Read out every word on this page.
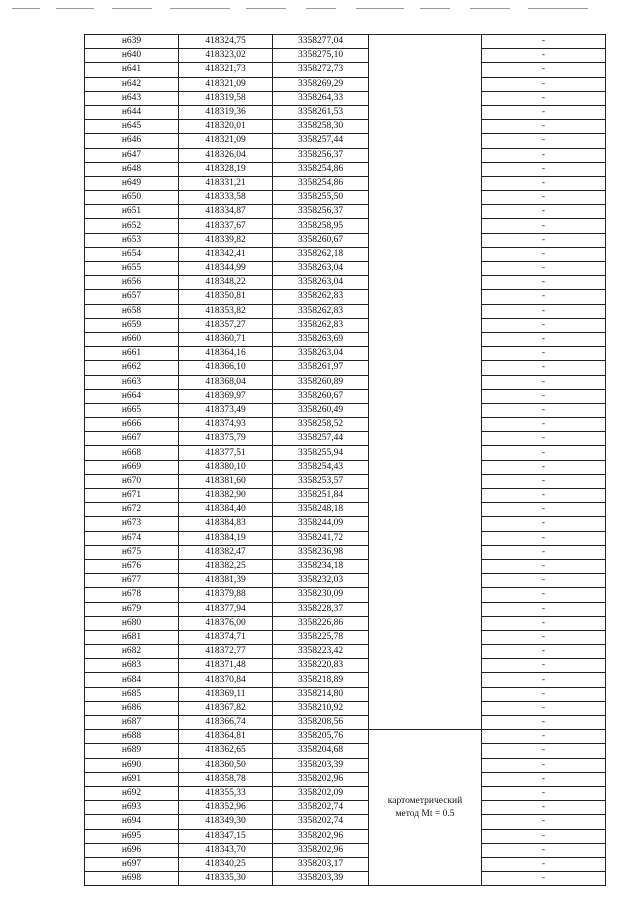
н639	418324,75	3358277,04		-
н640	418323,02	3358275,10		-
н641	418321,73	3358272,73		-
н642	418321,09	3358269,29		-
н643	418319,58	3358264,33		-
н644	418319,36	3358261,53		-
н645	418320,01	3358258,30		-
н646	418321,09	3358257,44		-
н647	418326,04	3358256,37		-
н648	418328,19	3358254,86		-
н649	418331,21	3358254,86		-
н650	418333,58	3358255,50		-
н651	418334,87	3358256,37		-
н652	418337,67	3358258,95		-
н653	418339,82	3358260,67		-
н654	418342,41	3358262,18		-
н655	418344,99	3358263,04		-
н656	418348,22	3358263,04		-
н657	418350,81	3358262,83		-
н658	418353,82	3358262,83		-
н659	418357,27	3358262,83		-
н660	418360,71	3358263,69		-
н661	418364,16	3358263,04		-
н662	418366,10	3358261,97		-
н663	418368,04	3358260,89		-
н664	418369,97	3358260,67		-
н665	418373,49	3358260,49		-
н666	418374,93	3358258,52		-
н667	418375,79	3358257,44		-
н668	418377,51	3358255,94		-
н669	418380,10	3358254,43		-
н670	418381,60	3358253,57		-
н671	418382,90	3358251,84		-
н672	418384,40	3358248,18		-
н673	418384,83	3358244,09		-
н674	418384,19	3358241,72		-
н675	418382,47	3358236,98		-
н676	418382,25	3358234,18		-
н677	418381,39	3358232,03		-
н678	418379,88	3358230,09		-
н679	418377,94	3358228,37		-
н680	418376,00	3358226,86		-
н681	418374,71	3358225,78		-
н682	418372,77	3358223,42		-
н683	418371,48	3358220,83		-
н684	418370,84	3358218,89		-
н685	418369,11	3358214,80		-
н686	418367,82	3358210,92		-
н687	418366,74	3358208,56		-
н688	418364,81	3358205,76	картометрический
метод Mt = 0.5	-
н689	418362,65	3358204,68		-
н690	418360,50	3358203,39		-
н691	418358,78	3358202,96		-
н692	418355,33	3358202,09		-
н693	418352,96	3358202,74		-
н694	418349,30	3358202,74		-
н695	418347,15	3358202,96		-
н696	418343,70	3358202,96		-
н697	418340,25	3358203,17		-
н698	418335,30	3358203,39		-
